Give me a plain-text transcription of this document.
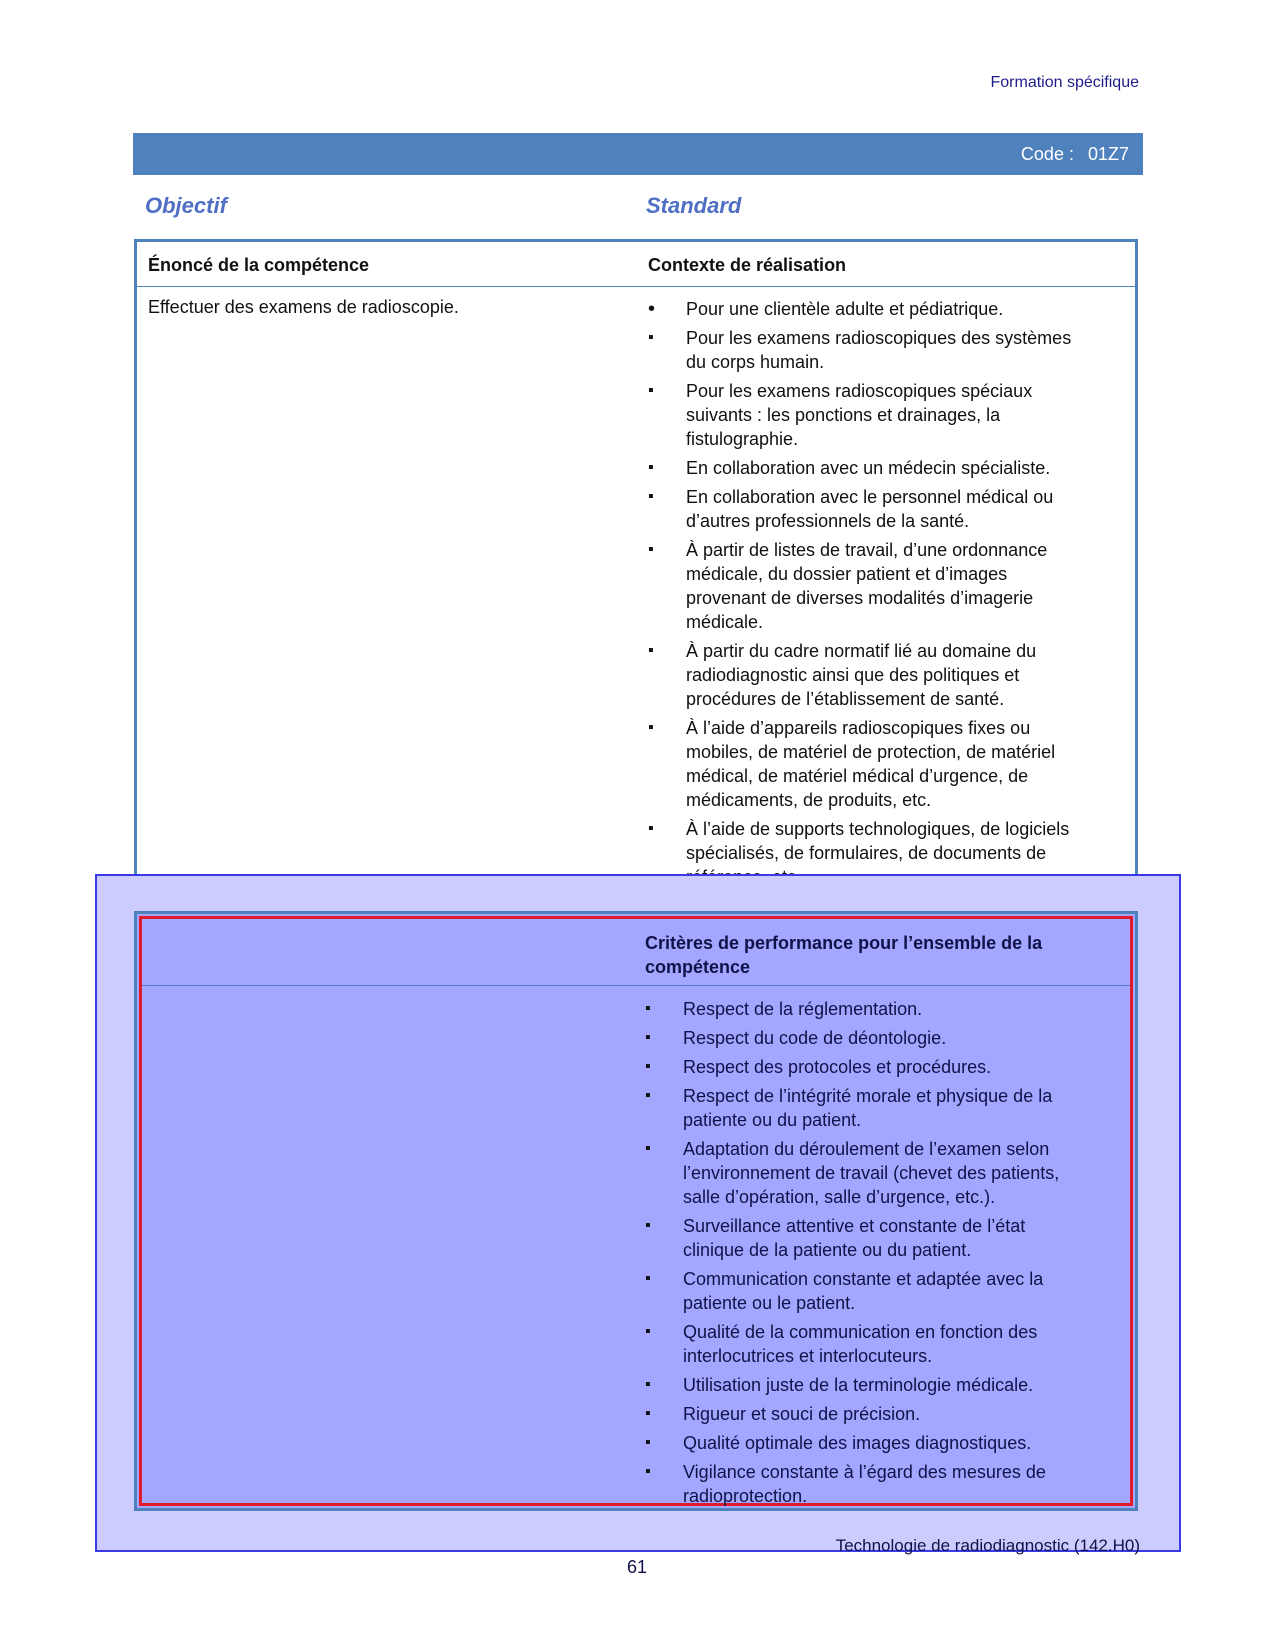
Formation spécifique
Code : 01Z7
Objectif	Standard
Énoncé de la compétence	Contexte de réalisation
Effectuer des examens de radioscopie.
•	Pour une clientèle adulte et pédiatrique.
▪ Pour les examens radioscopiques des systèmes du corps humain.
▪ Pour les examens radioscopiques spéciaux suivants : les ponctions et drainages, la fistulographie.
▪ En collaboration avec un médecin spécialiste.
▪ En collaboration avec le personnel médical ou d’autres professionnels de la santé.
▪ À partir de listes de travail, d’une ordonnance médicale, du dossier patient et d’images provenant de diverses modalités d’imagerie médicale.
▪ À partir du cadre normatif lié au domaine du radiodiagnostic ainsi que des politiques et procédures de l’établissement de santé.
▪ À l’aide d’appareils radioscopiques fixes ou mobiles, de matériel de protection, de matériel médical, de matériel médical d’urgence, de médicaments, de produits, etc.
▪ À l’aide de supports technologiques, de logiciels spécialisés, de formulaires, de documents de
Critères de performance pour l’ensemble de la compétence
▪ Respect de la réglementation.
▪ Respect du code de déontologie.
▪ Respect des protocoles et procédures.
▪ Respect de l’intégrité morale et physique de la patiente ou du patient.
▪ Adaptation du déroulement de l’examen selon l’environnement de travail (chevet des patients, salle d’opération, salle d’urgence, etc.).
▪ Surveillance attentive et constante de l’état clinique de la patiente ou du patient.
▪ Communication constante et adaptée avec la patiente ou le patient.
▪ Qualité de la communication en fonction des interlocutrices et interlocuteurs.
▪ Utilisation juste de la terminologie médicale.
▪ Rigueur et souci de précision.
▪ Qualité optimale des images diagnostiques.
▪ Vigilance constante à l’égard des mesures de radioprotection.
Technologie de radiodiagnostic (142.H0)
61
